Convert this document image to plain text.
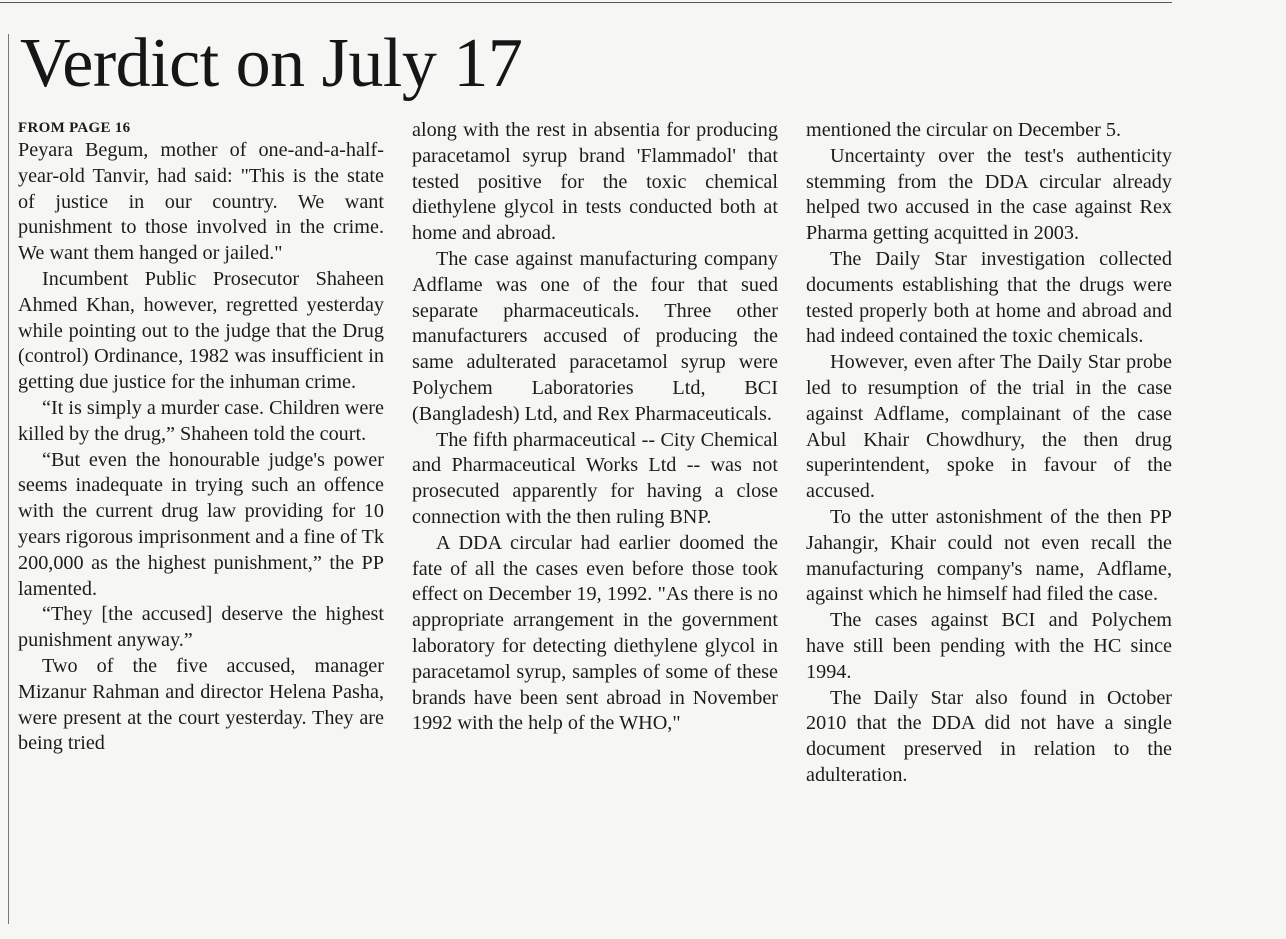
Verdict on July 17
FROM PAGE 16

Peyara Begum, mother of one-and-a-half-year-old Tanvir, had said: "This is the state of justice in our country. We want punishment to those involved in the crime. We want them hanged or jailed."

Incumbent Public Prosecutor Shaheen Ahmed Khan, however, regretted yesterday while pointing out to the judge that the Drug (control) Ordinance, 1982 was insufficient in getting due justice for the inhuman crime.

“It is simply a murder case. Children were killed by the drug,” Shaheen told the court.

“But even the honourable judge's power seems inadequate in trying such an offence with the current drug law providing for 10 years rigorous imprisonment and a fine of Tk 200,000 as the highest punishment,” the PP lamented.

“They [the accused] deserve the highest punishment anyway.”

Two of the five accused, manager Mizanur Rahman and director Helena Pasha, were present at the court yesterday. They are being tried

along with the rest in absentia for producing paracetamol syrup brand 'Flammadol' that tested positive for the toxic chemical diethylene glycol in tests conducted both at home and abroad.

The case against manufacturing company Adflame was one of the four that sued separate pharmaceuticals. Three other manufacturers accused of producing the same adulterated paracetamol syrup were Polychem Laboratories Ltd, BCI (Bangladesh) Ltd, and Rex Pharmaceuticals.

The fifth pharmaceutical -- City Chemical and Pharmaceutical Works Ltd -- was not prosecuted apparently for having a close connection with the then ruling BNP.

A DDA circular had earlier doomed the fate of all the cases even before those took effect on December 19, 1992. "As there is no appropriate arrangement in the government laboratory for detecting diethylene glycol in paracetamol syrup, samples of some of these brands have been sent abroad in November 1992 with the help of the WHO,"

mentioned the circular on December 5.

Uncertainty over the test's authenticity stemming from the DDA circular already helped two accused in the case against Rex Pharma getting acquitted in 2003.

The Daily Star investigation collected documents establishing that the drugs were tested properly both at home and abroad and had indeed contained the toxic chemicals.

However, even after The Daily Star probe led to resumption of the trial in the case against Adflame, complainant of the case Abul Khair Chowdhury, the then drug superintendent, spoke in favour of the accused.

To the utter astonishment of the then PP Jahangir, Khair could not even recall the manufacturing company's name, Adflame, against which he himself had filed the case.

The cases against BCI and Polychem have still been pending with the HC since 1994.

The Daily Star also found in October 2010 that the DDA did not have a single document preserved in relation to the adulteration.
